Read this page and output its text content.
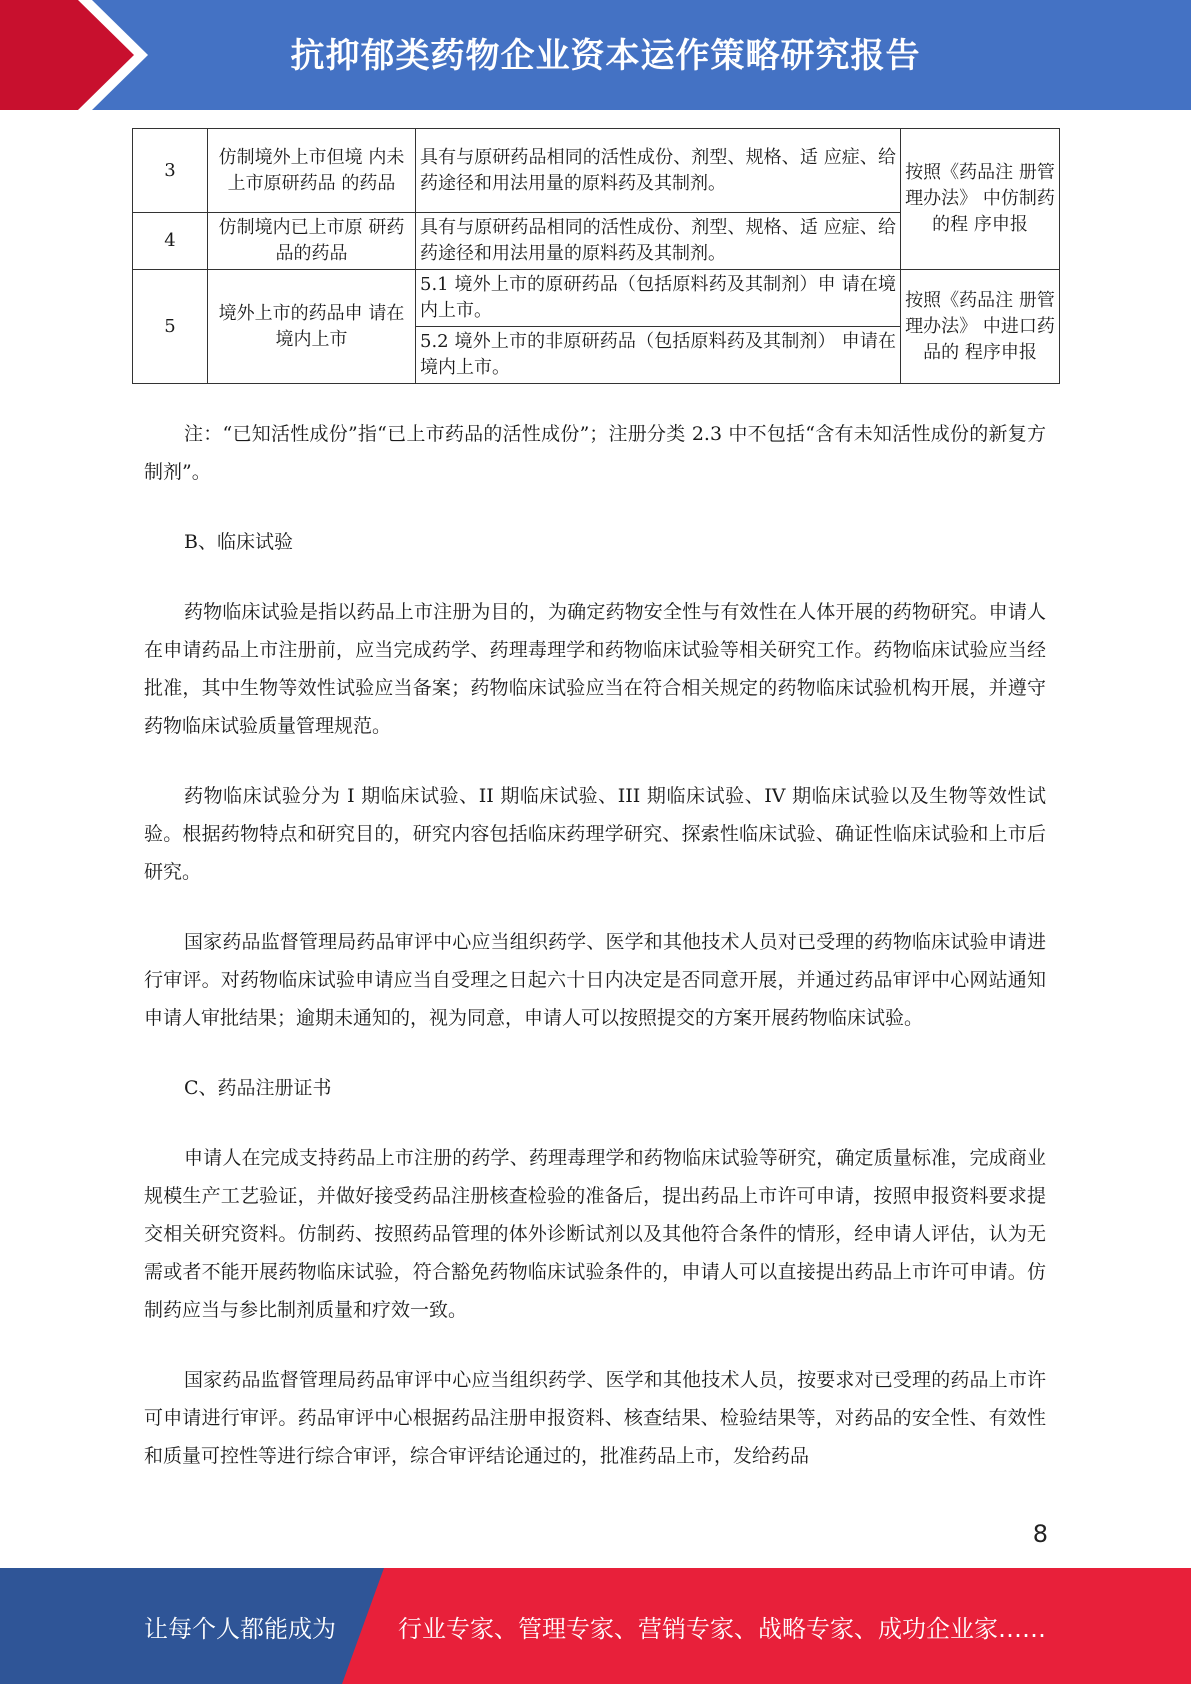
抗抑郁类药物企业资本运作策略研究报告
3	仿制境外上市但境 内未上市原研药品 的药品	具有与原研药品相同的活性成份、剂型、规格、适 应症、给药途径和用法用量的原料药及其制剂。	按照《药品注 册管理办法》 中仿制药的程 序申报
4	仿制境内已上市原 研药品的药品	具有与原研药品相同的活性成份、剂型、规格、适 应症、给药途径和用法用量的原料药及其制剂。	
5	境外上市的药品申 请在境内上市	5.1 境外上市的原研药品（包括原料药及其制剂）申 请在境内上市。	按照《药品注 册管理办法》 中进口药品的 程序申报
		5.2 境外上市的非原研药品（包括原料药及其制剂） 申请在境内上市。	

注：“已知活性成份”指“已上市药品的活性成份”；注册分类 2.3 中不包括“含有未知活性成份的新复方制剂”。

B、临床试验

药物临床试验是指以药品上市注册为目的，为确定药物安全性与有效性在人体开展的药物研究。申请人在申请药品上市注册前，应当完成药学、药理毒理学和药物临床试验等相关研究工作。药物临床试验应当经批准，其中生物等效性试验应当备案；药物临床试验应当在符合相关规定的药物临床试验机构开展，并遵守药物临床试验质量管理规范。

药物临床试验分为 I 期临床试验、II 期临床试验、III 期临床试验、IV 期临床试验以及生物等效性试验。根据药物特点和研究目的，研究内容包括临床药理学研究、探索性临床试验、确证性临床试验和上市后研究。

国家药品监督管理局药品审评中心应当组织药学、医学和其他技术人员对已受理的药物临床试验申请进行审评。对药物临床试验申请应当自受理之日起六十日内决定是否同意开展，并通过药品审评中心网站通知申请人审批结果；逾期未通知的，视为同意，申请人可以按照提交的方案开展药物临床试验。

C、药品注册证书

申请人在完成支持药品上市注册的药学、药理毒理学和药物临床试验等研究，确定质量标准，完成商业规模生产工艺验证，并做好接受药品注册核查检验的准备后，提出药品上市许可申请，按照申报资料要求提交相关研究资料。仿制药、按照药品管理的体外诊断试剂以及其他符合条件的情形，经申请人评估，认为无需或者不能开展药物临床试验，符合豁免药物临床试验条件的，申请人可以直接提出药品上市许可申请。仿制药应当与参比制剂质量和疗效一致。

国家药品监督管理局药品审评中心应当组织药学、医学和其他技术人员，按要求对已受理的药品上市许可申请进行审评。药品审评中心根据药品注册申报资料、核查结果、检验结果等，对药品的安全性、有效性和质量可控性等进行综合审评，综合审评结论通过的，批准药品上市，发给药品

8
让每个人都能成为	行业专家、管理专家、营销专家、战略专家、成功企业家……
